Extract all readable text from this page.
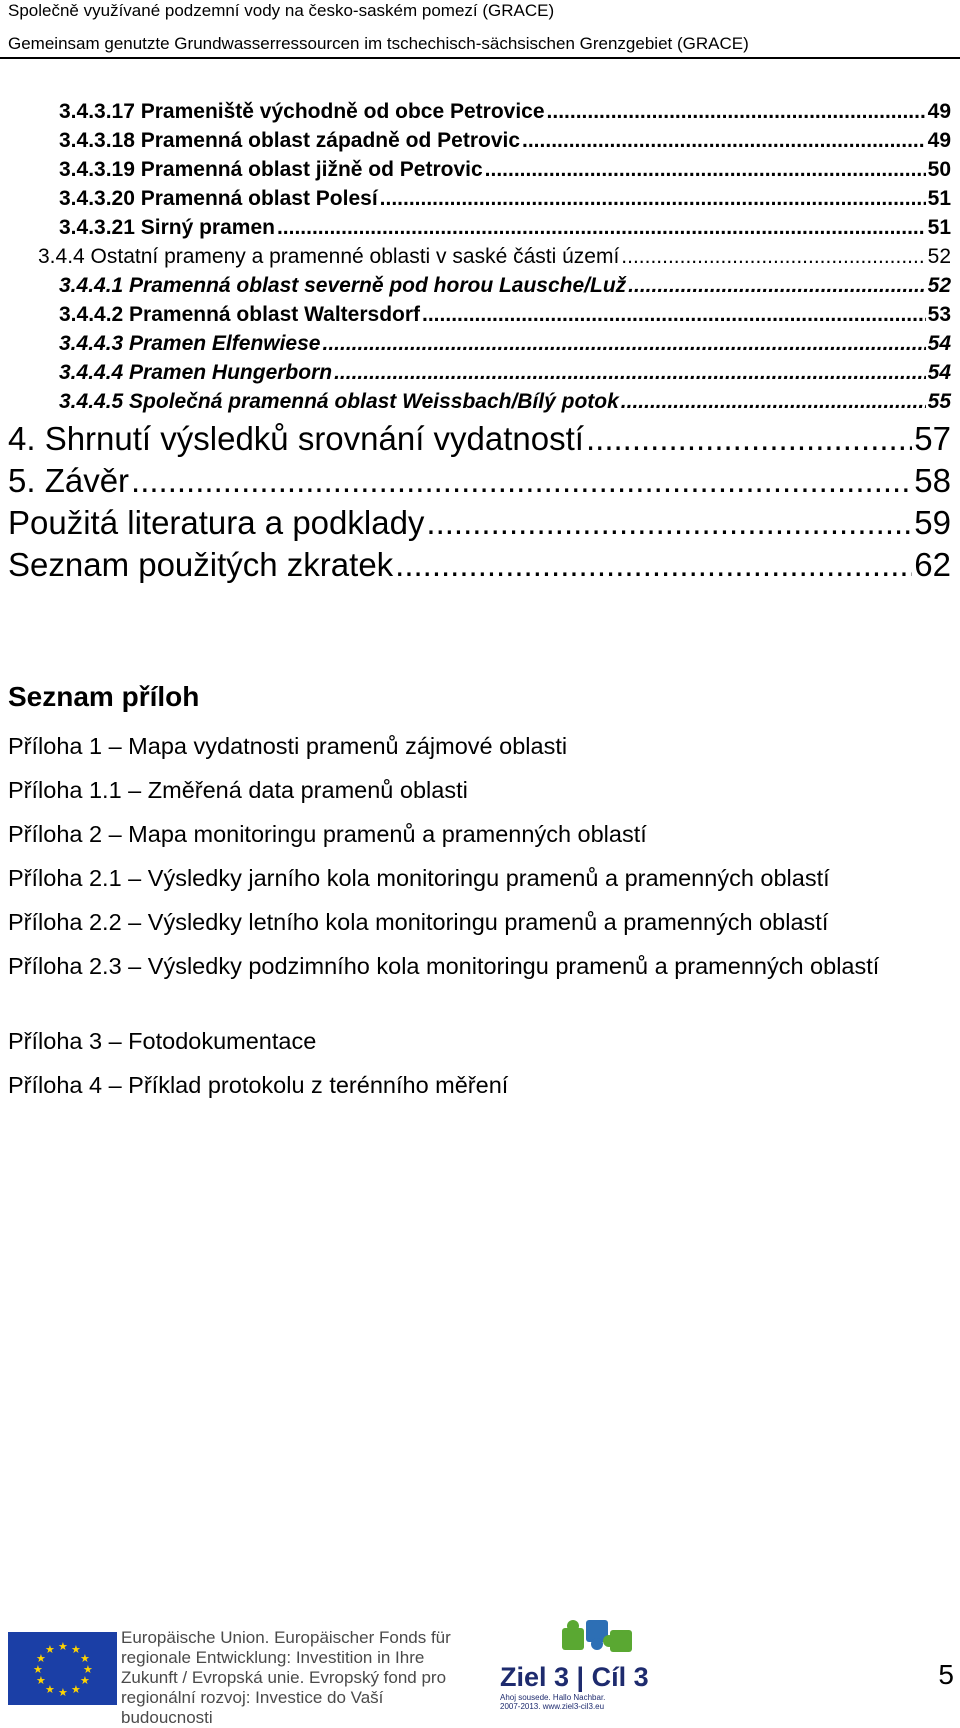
Společně využívané podzemní vody na česko-saském pomezí (GRACE)
Gemeinsam genutzte Grundwasserressourcen im tschechisch-sächsischen Grenzgebiet (GRACE)
3.4.3.17 Prameniště východně od obce Petrovice .....	49
3.4.3.18 Pramenná oblast západně od Petrovic .....	49
3.4.3.19 Pramenná oblast jižně od Petrovic .....	50
3.4.3.20 Pramenná oblast Polesí .....	51
3.4.3.21 Sirný pramen .....	51
3.4.4 Ostatní prameny a pramenné oblasti v saské části území .....	52
3.4.4.1 Pramenná oblast severně pod horou Lausche/Luž .....	52
3.4.4.2 Pramenná oblast Waltersdorf .....	53
3.4.4.3 Pramen Elfenwiese .....	54
3.4.4.4 Pramen Hungerborn .....	54
3.4.4.5 Společná pramenná oblast Weissbach/Bílý potok .....	55
4. Shrnutí výsledků srovnání vydatností .....	57
5. Závěr .....	58
Použitá literatura a podklady .....	59
Seznam použitých zkratek .....	62
Seznam příloh
Příloha 1 – Mapa vydatnosti pramenů zájmové oblasti
Příloha 1.1 – Změřená data pramenů oblasti
Příloha 2 – Mapa monitoringu pramenů a pramenných oblastí
Příloha 2.1 – Výsledky jarního kola monitoringu pramenů a pramenných oblastí
Příloha 2.2 – Výsledky letního kola monitoringu pramenů a pramenných oblastí
Příloha 2.3 – Výsledky podzimního kola monitoringu pramenů a pramenných oblastí
Příloha 3 – Fotodokumentace
Příloha 4 – Příklad protokolu z terénního měření
★ ★
★
★
★
★
★
★
★
★
★
★
Europäische Union. Europäischer Fonds für
regionale Entwicklung: Investition in Ihre
Zukunft / Evropská unie. Evropský fond pro
regionální rozvoj: Investice do Vaší budoucnosti
Ziel 3 | Cíl 3
Ahoj sousede. Hallo Nachbar.
2007-2013. www.ziel3-cil3.eu
5
